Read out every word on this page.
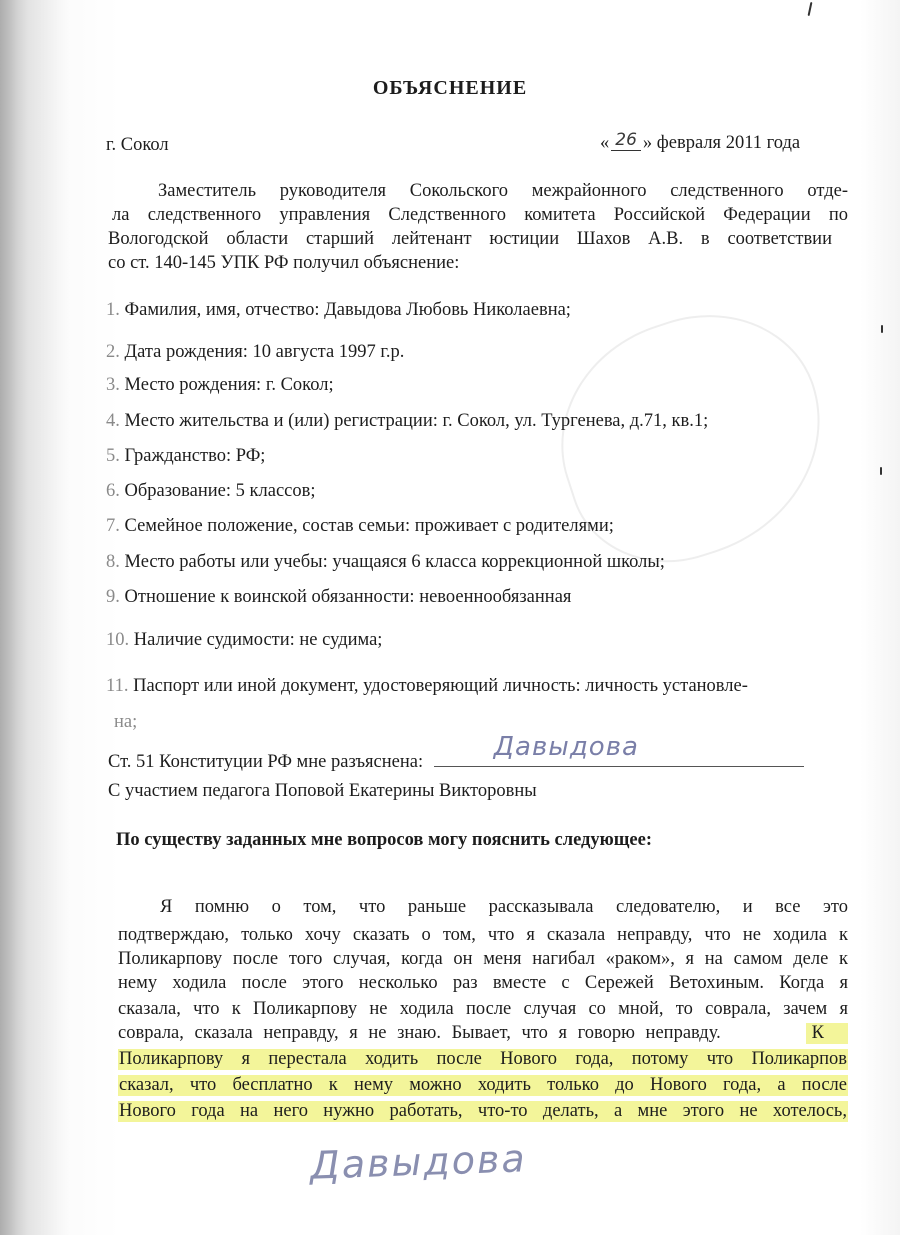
ОБЪЯСНЕНИЕ
г. Сокол	« 26 » февраля 2011 года
Заместитель руководителя Сокольского межрайонного следственного отде-
ла следственного управления Следственного комитета Российской Федерации по
Вологодской области старший лейтенант юстиции Шахов А.В. в соответствии
со ст. 140-145 УПК РФ получил объяснение:
1. Фамилия, имя, отчество: Давыдова Любовь Николаевна;
2. Дата рождения: 10 августа 1997 г.р.
3. Место рождения: г. Сокол;
4. Место жительства и (или) регистрации: г. Сокол, ул. Тургенева, д.71, кв.1;
5. Гражданство: РФ;
6. Образование: 5 классов;
7. Семейное положение, состав семьи: проживает с родителями;
8. Место работы или учебы: учащаяся 6 класса коррекционной школы;
9. Отношение к воинской обязанности: невоеннообязанная
10. Наличие судимости: не судима;
11. Паспорт или иной документ, удостоверяющий личность: личность установле-
на;
Ст. 51 Конституции РФ мне разъяснена:	Давыдова
С участием педагога Поповой Екатерины Викторовны
По существу заданных мне вопросов могу пояснить следующее:
Я помню о том, что раньше рассказывала следователю, и все это
подтверждаю, только хочу сказать о том, что я сказала неправду, что не ходила к
Поликарпову после того случая, когда он меня нагибал «раком», я на самом деле к
нему ходила после этого несколько раз вместе с Сережей Ветохиным. Когда я
сказала, что к Поликарпову не ходила после случая со мной, то соврала, зачем я
соврала, сказала неправду, я не знаю. Бывает, что я говорю неправду.	К
Поликарпову я перестала ходить после Нового года, потому что Поликарпов
сказал, что бесплатно к нему можно ходить только до Нового года, а после
Нового года на него нужно работать, что-то делать, а мне этого не хотелось,
Давыдова
